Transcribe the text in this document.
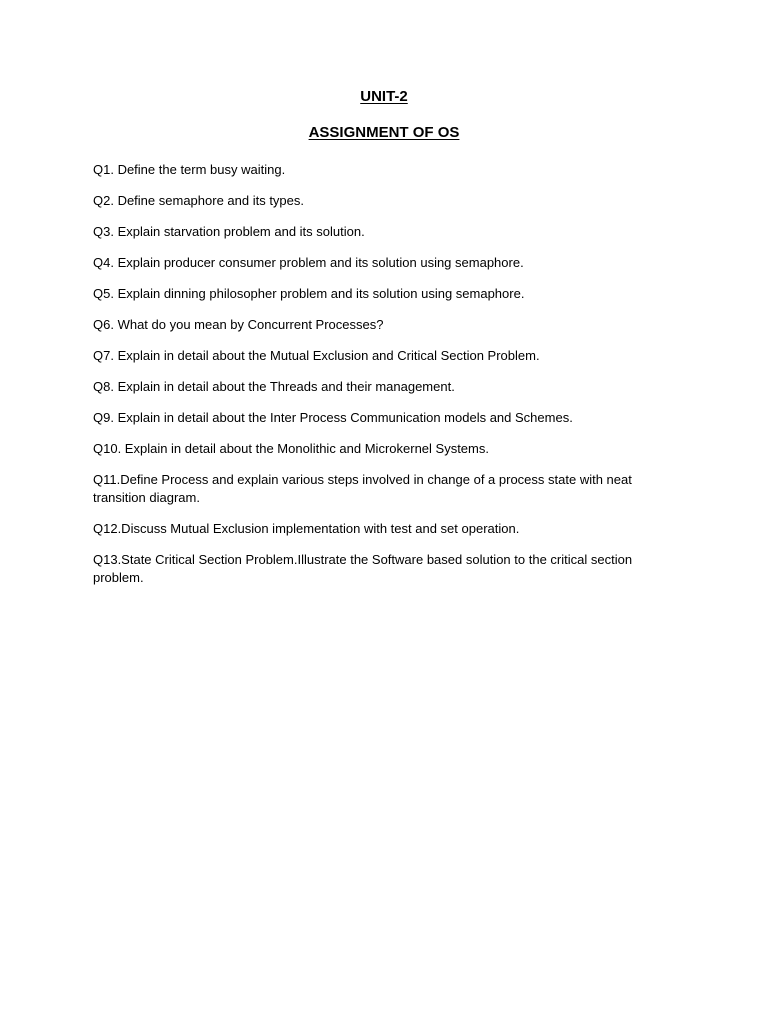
UNIT-2
ASSIGNMENT OF OS
Q1. Define the term busy waiting.
Q2. Define semaphore and its types.
Q3. Explain starvation problem and its solution.
Q4. Explain producer consumer problem and its solution using semaphore.
Q5. Explain dinning philosopher problem and its solution using semaphore.
Q6. What do you mean by Concurrent Processes?
Q7. Explain in detail about the Mutual Exclusion and Critical Section Problem.
Q8. Explain in detail about the Threads and their management.
Q9. Explain in detail about the Inter Process Communication models and Schemes.
Q10. Explain in detail about the Monolithic and Microkernel Systems.
Q11.Define Process and explain various steps involved in change of a process state with neat transition diagram.
Q12.Discuss Mutual Exclusion implementation with test and set operation.
Q13.State Critical Section Problem.Illustrate the Software based solution to the critical section problem.
